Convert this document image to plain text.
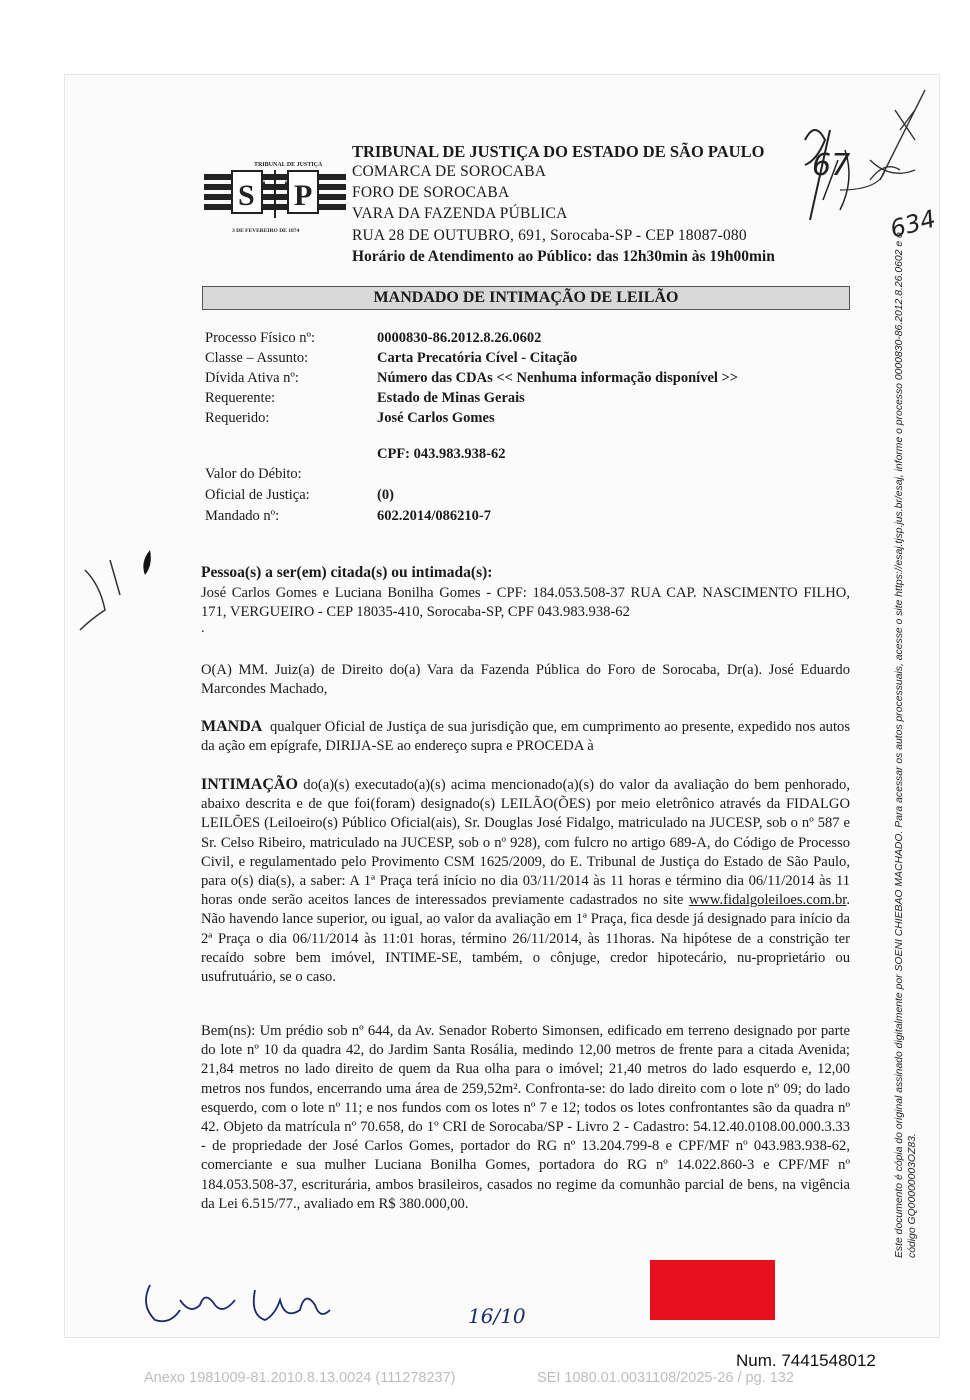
TRIBUNAL DE JUSTIÇA
S P
3 DE FEVEREIRO DE 1874
TRIBUNAL DE JUSTIÇA DO ESTADO DE SÃO PAULO
COMARCA DE SOROCABA
FORO DE SOROCABA
VARA DA FAZENDA PÚBLICA
RUA 28 DE OUTUBRO, 691, Sorocaba-SP - CEP 18087-080
Horário de Atendimento ao Público: das 12h30min às 19h00min
MANDADO DE INTIMAÇÃO DE LEILÃO
Processo Físico nº:	0000830-86.2012.8.26.0602
Classe – Assunto:	Carta Precatória Cível - Citação
Dívida Ativa nº:	Número das CDAs << Nenhuma informação disponível >>
Requerente:	Estado de Minas Gerais
Requerido:	José Carlos Gomes
CPF: 043.983.938-62
Valor do Débito:
Oficial de Justiça:	(0)
Mandado nº:	602.2014/086210-7
Pessoa(s) a ser(em) citada(s) ou intimada(s):
José Carlos Gomes e Luciana Bonilha Gomes - CPF: 184.053.508-37 RUA CAP. NASCIMENTO FILHO, 171, VERGUEIRO - CEP 18035-410, Sorocaba-SP, CPF 043.983.938-62
.
O(A) MM. Juiz(a) de Direito do(a) Vara da Fazenda Pública do Foro de Sorocaba, Dr(a). José Eduardo Marcondes Machado,
MANDA qualquer Oficial de Justiça de sua jurisdição que, em cumprimento ao presente, expedido nos autos da ação em epígrafe, DIRIJA-SE ao endereço supra e PROCEDA à
INTIMAÇÃO do(a)(s) executado(a)(s) acima mencionado(a)(s) do valor da avaliação do bem penhorado, abaixo descrita e de que foi(foram) designado(s) LEILÃO(ÕES) por meio eletrônico através da FIDALGO LEILÕES (Leiloeiro(s) Público Oficial(ais), Sr. Douglas José Fidalgo, matriculado na JUCESP, sob o nº 587 e Sr. Celso Ribeiro, matriculado na JUCESP, sob o nº 928), com fulcro no artigo 689-A, do Código de Processo Civil, e regulamentado pelo Provimento CSM 1625/2009, do E. Tribunal de Justiça do Estado de São Paulo, para o(s) dia(s), a saber: A 1ª Praça terá início no dia 03/11/2014 às 11 horas e término dia 06/11/2014 às 11 horas onde serão aceitos lances de interessados previamente cadastrados no site www.fidalgoleiloes.com.br. Não havendo lance superior, ou igual, ao valor da avaliação em 1ª Praça, fica desde já designado para início da 2ª Praça o dia 06/11/2014 às 11:01 horas, término 26/11/2014, às 11horas. Na hipótese de a constrição ter recaído sobre bem imóvel, INTIME-SE, também, o cônjuge, credor hipotecário, nu-proprietário ou usufrutuário, se o caso.
Bem(ns): Um prédio sob nº 644, da Av. Senador Roberto Simonsen, edificado em terreno designado por parte do lote nº 10 da quadra 42, do Jardim Santa Rosália, medindo 12,00 metros de frente para a citada Avenida; 21,84 metros no lado direito de quem da Rua olha para o imóvel; 21,40 metros do lado esquerdo e, 12,00 metros nos fundos, encerrando uma área de 259,52m². Confronta-se: do lado direito com o lote nº 09; do lado esquerdo, com o lote nº 11; e nos fundos com os lotes nº 7 e 12; todos os lotes confrontantes são da quadra nº 42. Objeto da matrícula nº 70.658, do 1º CRI de Sorocaba/SP - Livro 2 - Cadastro: 54.12.40.0108.00.000.3.33 - de propriedade der José Carlos Gomes, portador do RG nº 13.204.799-8 e CPF/MF nº 043.983.938-62, comerciante e sua mulher Luciana Bonilha Gomes, portadora do RG nº 14.022.860-3 e CPF/MF nº 184.053.508-37, escriturária, ambos brasileiros, casados no regime da comunhão parcial de bens, na vigência da Lei 6.515/77., avaliado em R$ 380.000,00.
67
634
16/10
Este documento é cópia do original assinado digitalmente por SOENI CHIEBAO MACHADO. Para acessar os autos processuais, acesse o site https://esaj.tjsp.jus.br/esaj, informe o processo 0000830-86.2012.8.26.0602 e o código GQ00000003OZ83.
Num. 7441548012
Anexo 1981009-81.2010.8.13.0024 (111278237)	SEI 1080.01.0031108/2025-26 / pg. 132
